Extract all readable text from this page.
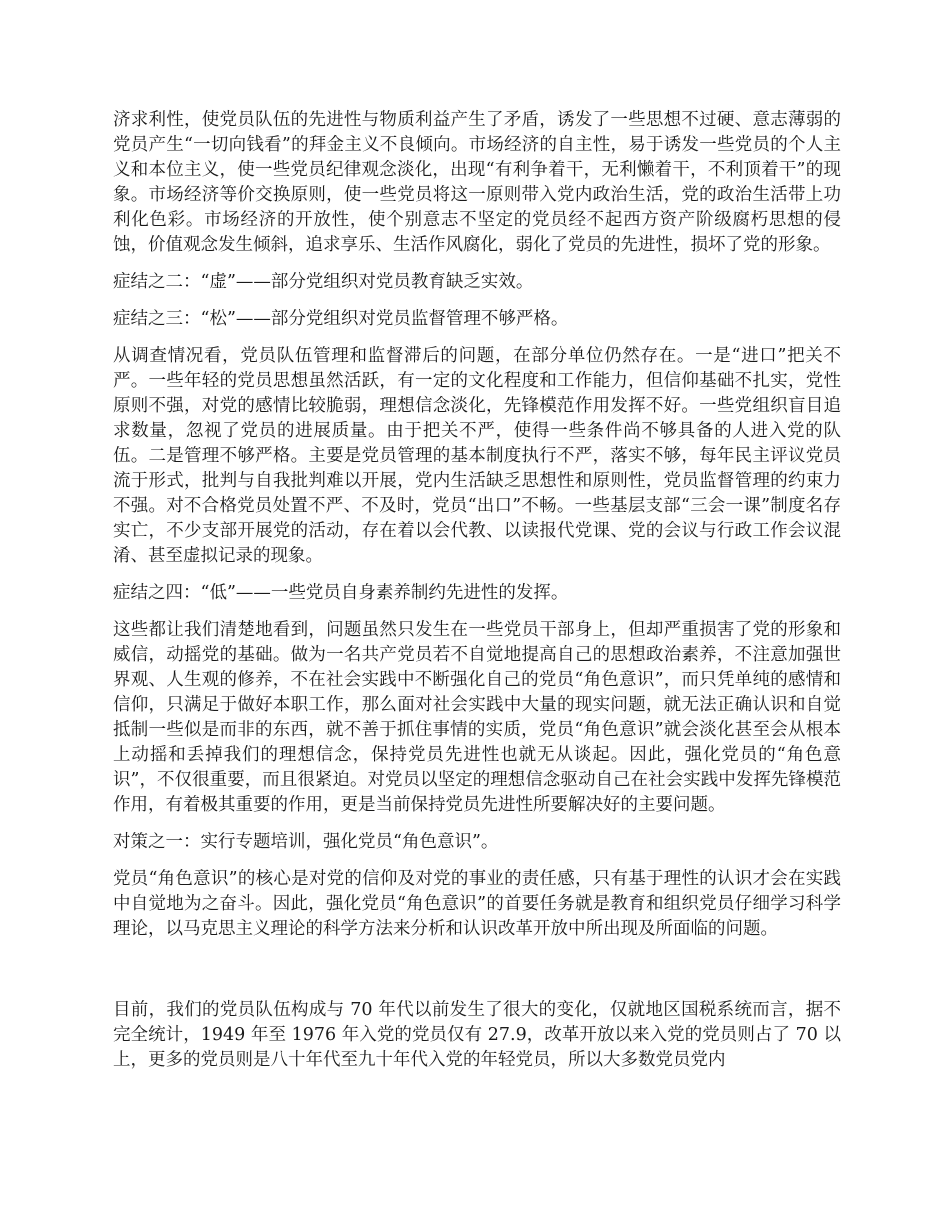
济求利性，使党员队伍的先进性与物质利益产生了矛盾，诱发了一些思想不过硬、意志薄弱的党员产生“一切向钱看”的拜金主义不良倾向。市场经济的自主性，易于诱发一些党员的个人主义和本位主义，使一些党员纪律观念淡化，出现“有利争着干，无利懒着干，不利顶着干”的现象。市场经济等价交换原则，使一些党员将这一原则带入党内政治生活，党的政治生活带上功利化色彩。市场经济的开放性，使个别意志不坚定的党员经不起西方资产阶级腐朽思想的侵蚀，价值观念发生倾斜，追求享乐、生活作风腐化，弱化了党员的先进性，损坏了党的形象。

症结之二：“虚”——部分党组织对党员教育缺乏实效。

症结之三：“松”——部分党组织对党员监督管理不够严格。

从调查情况看，党员队伍管理和监督滞后的问题，在部分单位仍然存在。一是“进口”把关不严。一些年轻的党员思想虽然活跃，有一定的文化程度和工作能力，但信仰基础不扎实，党性原则不强，对党的感情比较脆弱，理想信念淡化，先锋模范作用发挥不好。一些党组织盲目追求数量，忽视了党员的进展质量。由于把关不严，使得一些条件尚不够具备的人进入党的队伍。二是管理不够严格。主要是党员管理的基本制度执行不严，落实不够，每年民主评议党员流于形式，批判与自我批判难以开展，党内生活缺乏思想性和原则性，党员监督管理的约束力不强。对不合格党员处置不严、不及时，党员“出口”不畅。一些基层支部“三会一课”制度名存实亡，不少支部开展党的活动，存在着以会代教、以读报代党课、党的会议与行政工作会议混淆、甚至虚拟记录的现象。

症结之四：“低”——一些党员自身素养制约先进性的发挥。

这些都让我们清楚地看到，问题虽然只发生在一些党员干部身上，但却严重损害了党的形象和威信，动摇党的基础。做为一名共产党员若不自觉地提高自己的思想政治素养，不注意加强世界观、人生观的修养，不在社会实践中不断强化自己的党员“角色意识”，而只凭单纯的感情和信仰，只满足于做好本职工作，那么面对社会实践中大量的现实问题，就无法正确认识和自觉抵制一些似是而非的东西，就不善于抓住事情的实质，党员“角色意识”就会淡化甚至会从根本上动摇和丢掉我们的理想信念，保持党员先进性也就无从谈起。因此，强化党员的“角色意识”，不仅很重要，而且很紧迫。对党员以坚定的理想信念驱动自己在社会实践中发挥先锋模范作用，有着极其重要的作用，更是当前保持党员先进性所要解决好的主要问题。

对策之一：实行专题培训，强化党员“角色意识”。

党员“角色意识”的核心是对党的信仰及对党的事业的责任感，只有基于理性的认识才会在实践中自觉地为之奋斗。因此，强化党员“角色意识”的首要任务就是教育和组织党员仔细学习科学理论，以马克思主义理论的科学方法来分析和认识改革开放中所出现及所面临的问题。

目前，我们的党员队伍构成与 70 年代以前发生了很大的变化，仅就地区国税系统而言，据不完全统计，1949 年至 1976 年入党的党员仅有 27.9，改革开放以来入党的党员则占了 70 以上，更多的党员则是八十年代至九十年代入党的年轻党员，所以大多数党员党内
